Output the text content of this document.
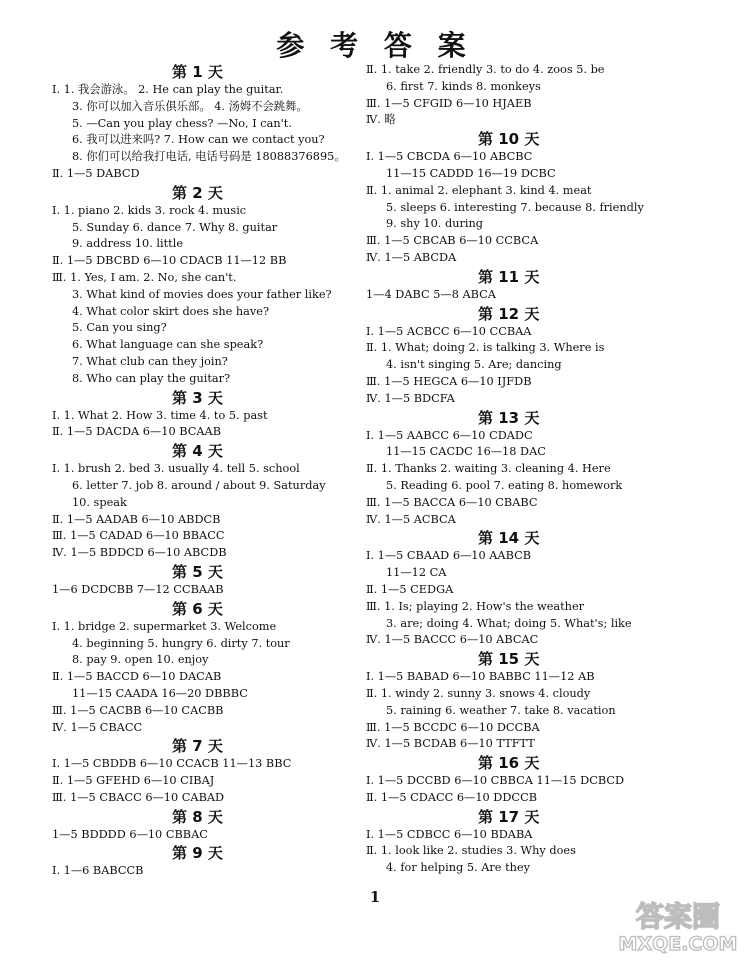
参 考 答 案
第 1 天
Ⅰ. 1. 我会游泳。 2. He can play the guitar.
3. 你可以加入音乐俱乐部。 4. 汤姆不会跳舞。
5. —Can you play chess? —No, I can't.
6. 我可以进来吗? 7. How can we contact you?
8. 你们可以给我打电话, 电话号码是 18088376895。
Ⅱ. 1—5 DABCD
第 2 天
Ⅰ. 1. piano 2. kids 3. rock 4. music
5. Sunday 6. dance 7. Why 8. guitar
9. address 10. little
Ⅱ. 1—5 DBCBD 6—10 CDACB 11—12 BB
Ⅲ. 1. Yes, I am. 2. No, she can't.
3. What kind of movies does your father like?
4. What color skirt does she have?
5. Can you sing?
6. What language can she speak?
7. What club can they join?
8. Who can play the guitar?
第 3 天
Ⅰ. 1. What 2. How 3. time 4. to 5. past
Ⅱ. 1—5 DACDA 6—10 BCAAB
第 4 天
Ⅰ. 1. brush 2. bed 3. usually 4. tell 5. school
6. letter 7. job 8. around / about 9. Saturday
10. speak
Ⅱ. 1—5 AADAB 6—10 ABDCB
Ⅲ. 1—5 CADAD 6—10 BBACC
Ⅳ. 1—5 BDDCD 6—10 ABCDB
第 5 天
1—6 DCDCBB 7—12 CCBAAB
第 6 天
Ⅰ. 1. bridge 2. supermarket 3. Welcome
4. beginning 5. hungry 6. dirty 7. tour
8. pay 9. open 10. enjoy
Ⅱ. 1—5 BACCD 6—10 DACAB
11—15 CAADA 16—20 DBBBC
Ⅲ. 1—5 CACBB 6—10 CACBB
Ⅳ. 1—5 CBACC
第 7 天
Ⅰ. 1—5 CBDDB 6—10 CCACB 11—13 BBC
Ⅱ. 1—5 GFEHD 6—10 CIBAJ
Ⅲ. 1—5 CBACC 6—10 CABAD
第 8 天
1—5 BDDDD 6—10 CBBAC
第 9 天
Ⅰ. 1—6 BABCCB
Ⅱ. 1. take 2. friendly 3. to do 4. zoos 5. be
6. first 7. kinds 8. monkeys
Ⅲ. 1—5 CFGID 6—10 HJAEB
Ⅳ. 略
第 10 天
Ⅰ. 1—5 CBCDA 6—10 ABCBC
11—15 CADDD 16—19 DCBC
Ⅱ. 1. animal 2. elephant 3. kind 4. meat
5. sleeps 6. interesting 7. because 8. friendly
9. shy 10. during
Ⅲ. 1—5 CBCAB 6—10 CCBCA
Ⅳ. 1—5 ABCDA
第 11 天
1—4 DABC 5—8 ABCA
第 12 天
Ⅰ. 1—5 ACBCC 6—10 CCBAA
Ⅱ. 1. What; doing 2. is talking 3. Where is
4. isn't singing 5. Are; dancing
Ⅲ. 1—5 HEGCA 6—10 IJFDB
Ⅳ. 1—5 BDCFA
第 13 天
Ⅰ. 1—5 AABCC 6—10 CDADC
11—15 CACDC 16—18 DAC
Ⅱ. 1. Thanks 2. waiting 3. cleaning 4. Here
5. Reading 6. pool 7. eating 8. homework
Ⅲ. 1—5 BACCA 6—10 CBABC
Ⅳ. 1—5 ACBCA
第 14 天
Ⅰ. 1—5 CBAAD 6—10 AABCB
11—12 CA
Ⅱ. 1—5 CEDGA
Ⅲ. 1. Is; playing 2. How's the weather
3. are; doing 4. What; doing 5. What's; like
Ⅳ. 1—5 BACCC 6—10 ABCAC
第 15 天
Ⅰ. 1—5 BABAD 6—10 BABBC 11—12 AB
Ⅱ. 1. windy 2. sunny 3. snows 4. cloudy
5. raining 6. weather 7. take 8. vacation
Ⅲ. 1—5 BCCDC 6—10 DCCBA
Ⅳ. 1—5 BCDAB 6—10 TTFTT
第 16 天
Ⅰ. 1—5 DCCBD 6—10 CBBCA 11—15 DCBCD
Ⅱ. 1—5 CDACC 6—10 DDCCB
第 17 天
Ⅰ. 1—5 CDBCC 6—10 BDABA
Ⅱ. 1. look like 2. studies 3. Why does
4. for helping 5. Are they
1
答案圈
MXQE.COM
